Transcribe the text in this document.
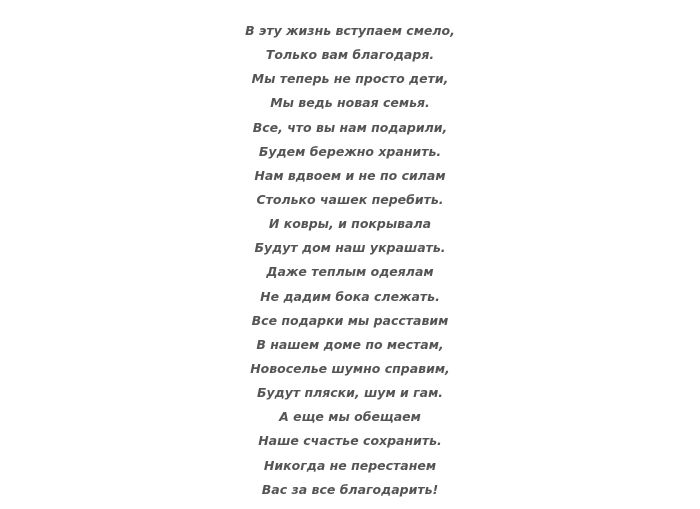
В эту жизнь вступаем смело,
Только вам благодаря.
Мы теперь не просто дети,
Мы ведь новая семья.
Все, что вы нам подарили,
Будем бережно хранить.
Нам вдвоем и не по силам
Столько чашек перебить.
И ковры, и покрывала
Будут дом наш украшать.
Даже теплым одеялам
Не дадим бока слежать.
Все подарки мы расставим
В нашем доме по местам,
Новоселье шумно справим,
Будут пляски, шум и гам.
А еще мы обещаем
Наше счастье сохранить.
Никогда не перестанем
Вас за все благодарить!
